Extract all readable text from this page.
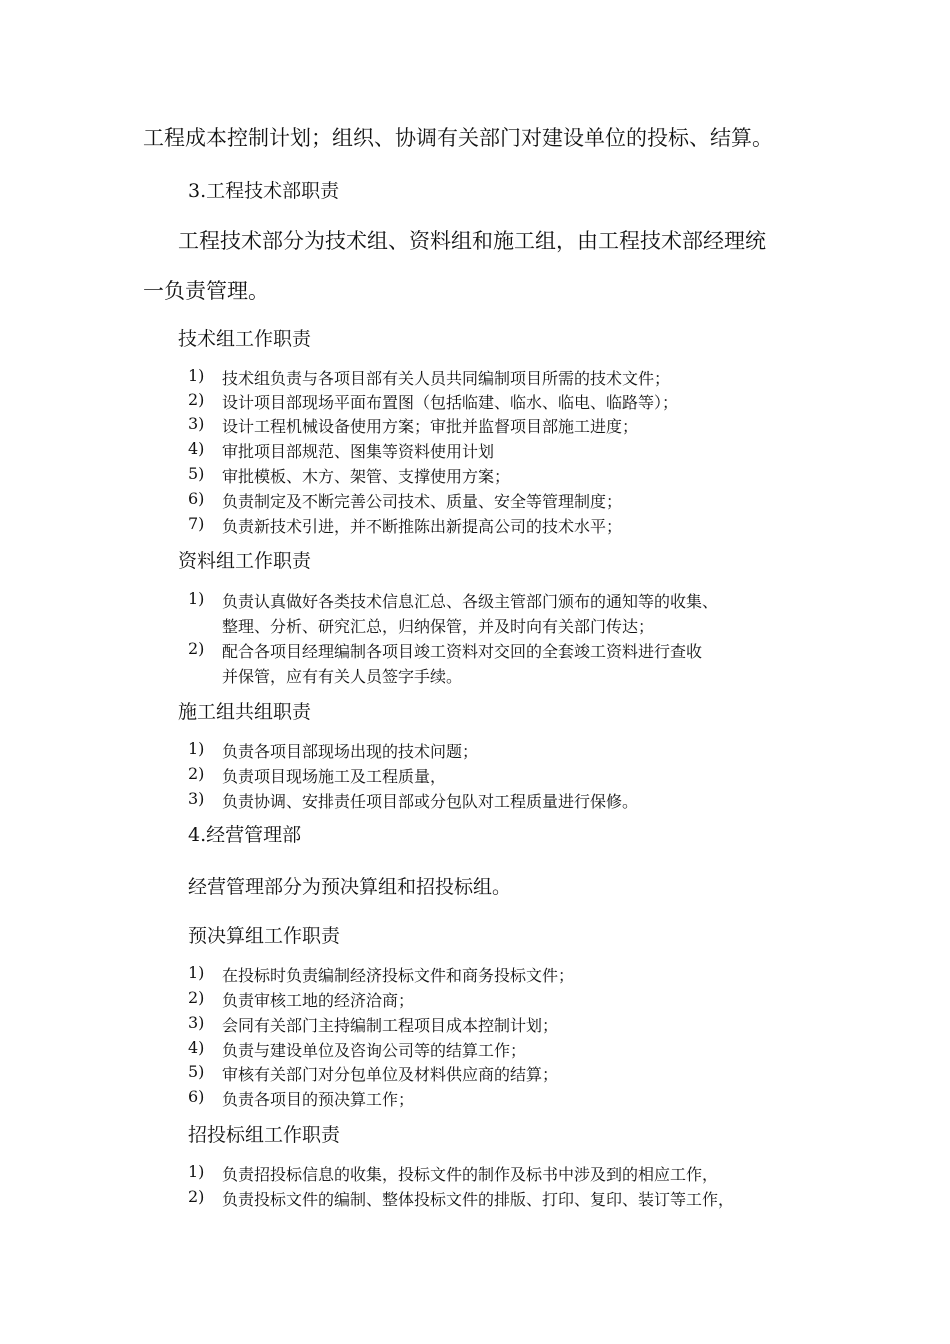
工程成本控制计划；组织、协调有关部门对建设单位的投标、结算。
3.工程技术部职责
工程技术部分为技术组、资料组和施工组，由工程技术部经理统
一负责管理。
技术组工作职责
1) 技术组负责与各项目部有关人员共同编制项目所需的技术文件；
2) 设计项目部现场平面布置图（包括临建、临水、临电、临路等）；
3) 设计工程机械设备使用方案；审批并监督项目部施工进度；
4) 审批项目部规范、图集等资料使用计划
5) 审批模板、木方、架管、支撑使用方案；
6) 负责制定及不断完善公司技术、质量、安全等管理制度；
7) 负责新技术引进，并不断推陈出新提高公司的技术水平；
资料组工作职责
1) 负责认真做好各类技术信息汇总、各级主管部门颁布的通知等的收集、
整理、分析、研究汇总，归纳保管，并及时向有关部门传达；
2) 配合各项目经理编制各项目竣工资料对交回的全套竣工资料进行查收
并保管，应有有关人员签字手续。
施工组共组职责
1) 负责各项目部现场出现的技术问题；
2) 负责项目现场施工及工程质量，
3) 负责协调、安排责任项目部或分包队对工程质量进行保修。
4.经营管理部
经营管理部分为预决算组和招投标组。
预决算组工作职责
1) 在投标时负责编制经济投标文件和商务投标文件；
2) 负责审核工地的经济洽商；
3) 会同有关部门主持编制工程项目成本控制计划；
4) 负责与建设单位及咨询公司等的结算工作；
5) 审核有关部门对分包单位及材料供应商的结算；
6) 负责各项目的预决算工作；
招投标组工作职责
1) 负责招投标信息的收集，投标文件的制作及标书中涉及到的相应工作，
2) 负责投标文件的编制、整体投标文件的排版、打印、复印、装订等工作，
